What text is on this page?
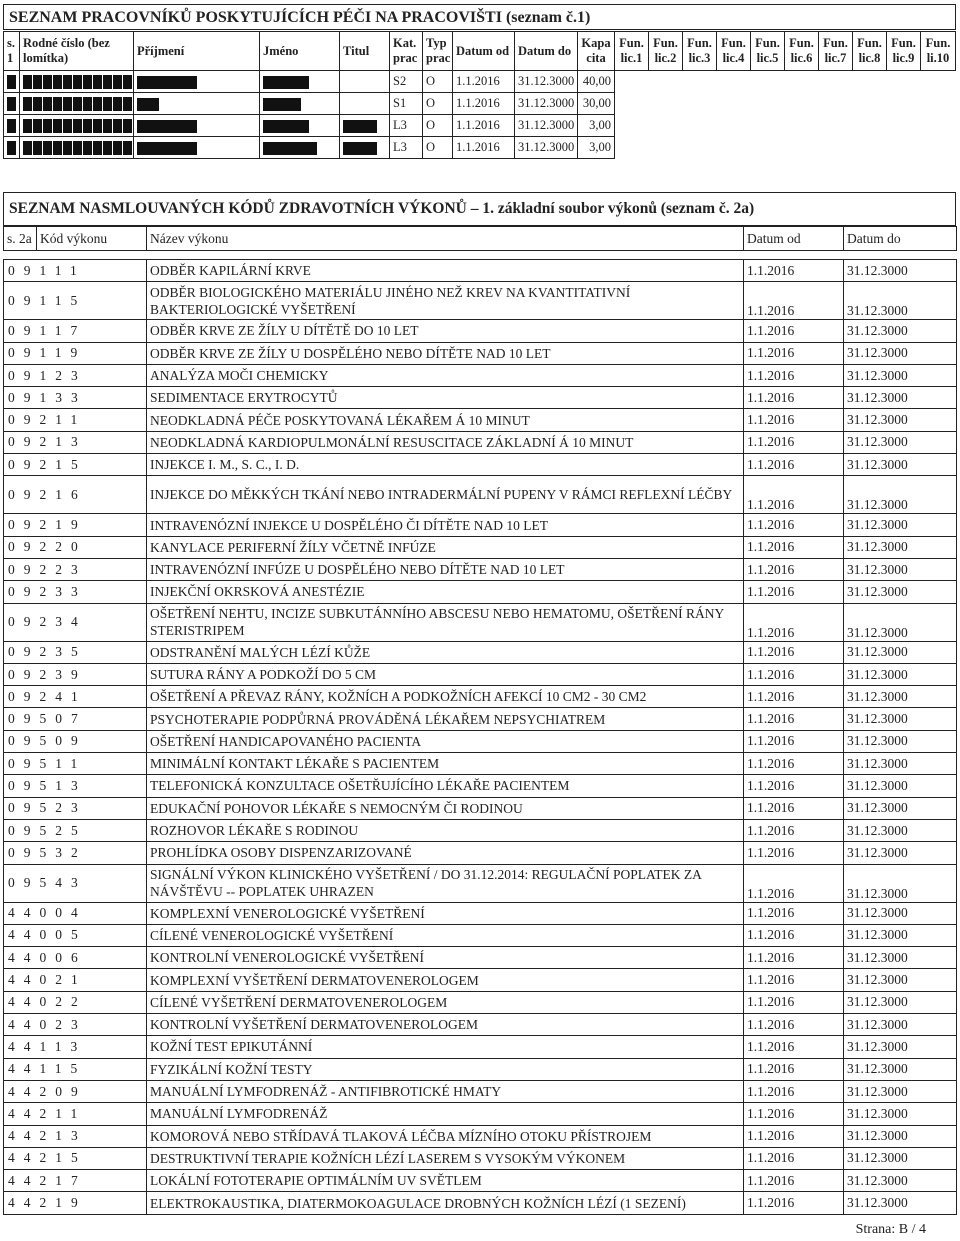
SEZNAM PRACOVNÍKŮ POSKYTUJÍCÍCH PÉČI NA PRACOVIŠTI (seznam č.1)
s. 1	Rodné číslo (bez lomítka)	Příjmení	Jméno	Titul	Kat. prac	Typ prac	Datum od	Datum do	Kapa cita	Fun. lic.1	Fun. lic.2	Fun. lic.3	Fun. lic.4	Fun. lic.5	Fun. lic.6	Fun. lic.7	Fun. lic.8	Fun. lic.9	Fun. li.10
					S2	O	1.1.2016	31.12.3000	40,00										
					S1	O	1.1.2016	31.12.3000	30,00										
					L3	O	1.1.2016	31.12.3000	3,00										
					L3	O	1.1.2016	31.12.3000	3,00										
SEZNAM NASMLOUVANÝCH KÓDŮ ZDRAVOTNÍCH VÝKONŮ – 1. základní soubor výkonů (seznam č. 2a)
s. 2a	Kód výkonu	Název výkonu	Datum od	Datum do

09111		ODBĚR KAPILÁRNÍ KRVE	1.1.2016	31.12.3000
09115		ODBĚR BIOLOGICKÉHO MATERIÁLU JINÉHO NEŽ KREV NA KVANTITATIVNÍ BAKTERIOLOGICKÉ VYŠETŘENÍ	1.1.2016	31.12.3000
09117		ODBĚR KRVE ZE ŽÍLY U DÍTĚTĚ DO 10 LET	1.1.2016	31.12.3000
09119		ODBĚR KRVE ZE ŽÍLY U DOSPĚLÉHO NEBO DÍTĚTE NAD 10 LET	1.1.2016	31.12.3000
09123		ANALÝZA MOČI CHEMICKY	1.1.2016	31.12.3000
09133		SEDIMENTACE ERYTROCYTŮ	1.1.2016	31.12.3000
09211		NEODKLADNÁ PÉČE POSKYTOVANÁ LÉKAŘEM Á 10 MINUT	1.1.2016	31.12.3000
09213		NEODKLADNÁ KARDIOPULMONÁLNÍ RESUSCITACE ZÁKLADNÍ Á 10 MINUT	1.1.2016	31.12.3000
09215		INJEKCE I. M., S. C., I. D.	1.1.2016	31.12.3000
09216		INJEKCE DO MĚKKÝCH TKÁNÍ NEBO INTRADERMÁLNÍ PUPENY V RÁMCI REFLEXNÍ LÉČBY	1.1.2016	31.12.3000
09219		INTRAVENÓZNÍ INJEKCE U DOSPĚLÉHO ČI DÍTĚTE NAD 10 LET	1.1.2016	31.12.3000
09220		KANYLACE PERIFERNÍ ŽÍLY VČETNĚ INFÚZE	1.1.2016	31.12.3000
09223		INTRAVENÓZNÍ INFÚZE U DOSPĚLÉHO NEBO DÍTĚTE NAD 10 LET	1.1.2016	31.12.3000
09233		INJEKČNÍ OKRSKOVÁ ANESTÉZIE	1.1.2016	31.12.3000
09234		OŠETŘENÍ NEHTU, INCIZE SUBKUTÁNNÍHO ABSCESU NEBO HEMATOMU, OŠETŘENÍ RÁNY STERISTRIPEM	1.1.2016	31.12.3000
09235		ODSTRANĚNÍ MALÝCH LÉZÍ KŮŽE	1.1.2016	31.12.3000
09239		SUTURA RÁNY A PODKOŽÍ DO 5 CM	1.1.2016	31.12.3000
09241		OŠETŘENÍ A PŘEVAZ RÁNY, KOŽNÍCH A PODKOŽNÍCH AFEKCÍ 10 CM2 - 30 CM2	1.1.2016	31.12.3000
09507		PSYCHOTERAPIE PODPŮRNÁ PROVÁDĚNÁ LÉKAŘEM NEPSYCHIATREM	1.1.2016	31.12.3000
09509		OŠETŘENÍ HANDICAPOVANÉHO PACIENTA	1.1.2016	31.12.3000
09511		MINIMÁLNÍ KONTAKT LÉKAŘE S PACIENTEM	1.1.2016	31.12.3000
09513		TELEFONICKÁ KONZULTACE OŠETŘUJÍCÍHO LÉKAŘE PACIENTEM	1.1.2016	31.12.3000
09523		EDUKAČNÍ POHOVOR LÉKAŘE S NEMOCNÝM ČI RODINOU	1.1.2016	31.12.3000
09525		ROZHOVOR LÉKAŘE S RODINOU	1.1.2016	31.12.3000
09532		PROHLÍDKA OSOBY DISPENZARIZOVANÉ	1.1.2016	31.12.3000
09543		SIGNÁLNÍ VÝKON KLINICKÉHO VYŠETŘENÍ / DO 31.12.2014: REGULAČNÍ POPLATEK ZA NÁVŠTĚVU -- POPLATEK UHRAZEN	1.1.2016	31.12.3000
44004		KOMPLEXNÍ VENEROLOGICKÉ VYŠETŘENÍ	1.1.2016	31.12.3000
44005		CÍLENÉ VENEROLOGICKÉ VYŠETŘENÍ	1.1.2016	31.12.3000
44006		KONTROLNÍ VENEROLOGICKÉ VYŠETŘENÍ	1.1.2016	31.12.3000
44021		KOMPLEXNÍ VYŠETŘENÍ DERMATOVENEROLOGEM	1.1.2016	31.12.3000
44022		CÍLENÉ VYŠETŘENÍ DERMATOVENEROLOGEM	1.1.2016	31.12.3000
44023		KONTROLNÍ VYŠETŘENÍ DERMATOVENEROLOGEM	1.1.2016	31.12.3000
44113		KOŽNÍ TEST EPIKUTÁNNÍ	1.1.2016	31.12.3000
44115		FYZIKÁLNÍ KOŽNÍ TESTY	1.1.2016	31.12.3000
44209		MANUÁLNÍ LYMFODRENÁŽ - ANTIFIBROTICKÉ HMATY	1.1.2016	31.12.3000
44211		MANUÁLNÍ LYMFODRENÁŽ	1.1.2016	31.12.3000
44213		KOMOROVÁ NEBO STŘÍDAVÁ TLAKOVÁ LÉČBA MÍZNÍHO OTOKU PŘÍSTROJEM	1.1.2016	31.12.3000
44215		DESTRUKTIVNÍ TERAPIE KOŽNÍCH LÉZÍ LASEREM S VYSOKÝM VÝKONEM	1.1.2016	31.12.3000
44217		LOKÁLNÍ FOTOTERAPIE OPTIMÁLNÍM UV SVĚTLEM	1.1.2016	31.12.3000
44219		ELEKTROKAUSTIKA, DIATERMOKOAGULACE DROBNÝCH KOŽNÍCH LÉZÍ (1 SEZENÍ)	1.1.2016	31.12.3000
Strana: B / 4
